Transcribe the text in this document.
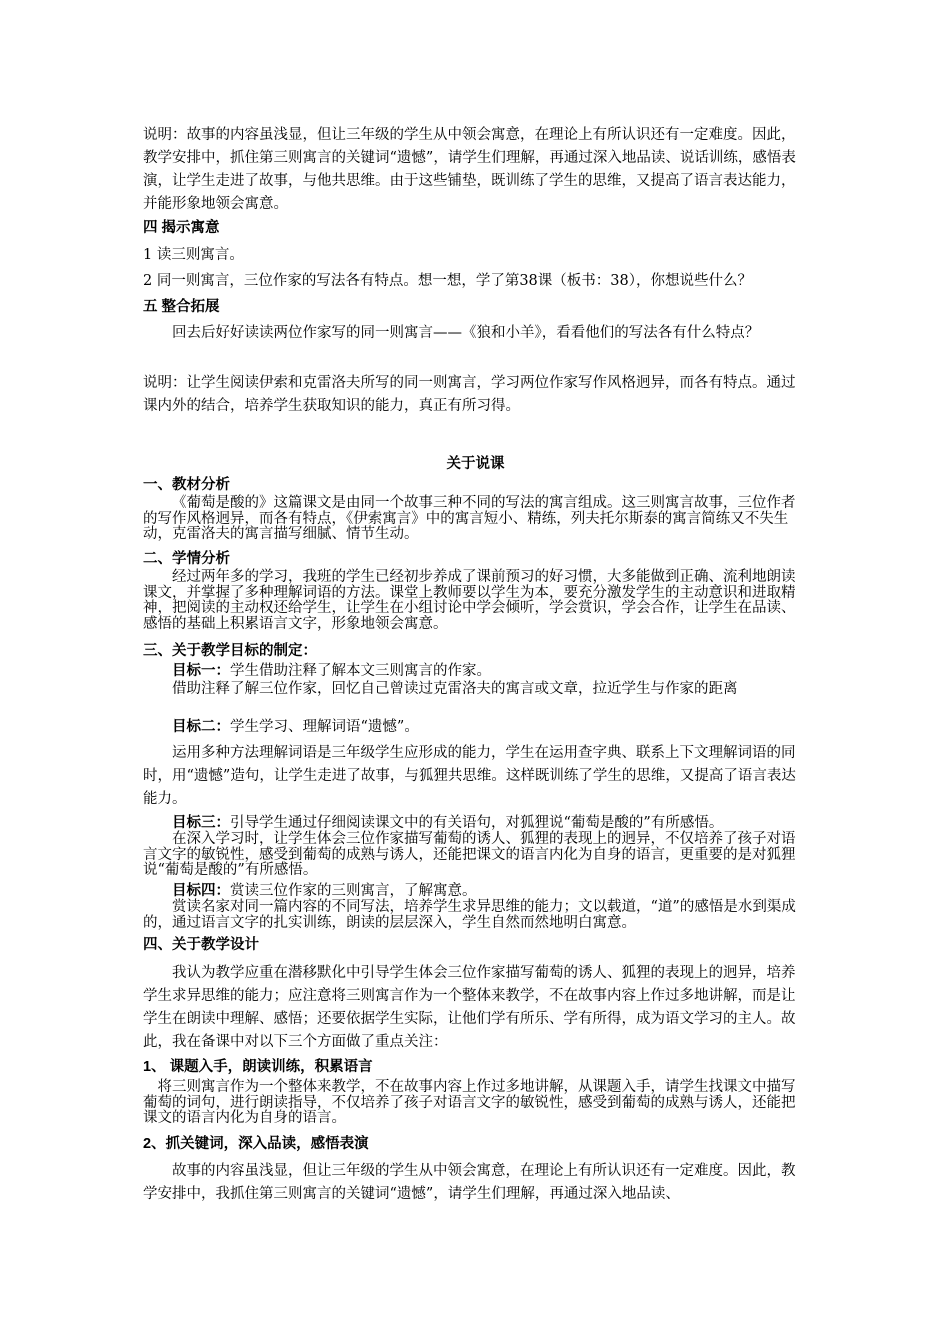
说明：故事的内容虽浅显，但让三年级的学生从中领会寓意，在理论上有所认识还有一定难度。因此，教学安排中，抓住第三则寓言的关键词“遗憾”，请学生们理解，再通过深入地品读、说话训练，感悟表演，让学生走进了故事，与他共思维。由于这些铺垫，既训练了学生的思维，又提高了语言表达能力，并能形象地领会寓意。
四 揭示寓意
1 读三则寓言。
2 同一则寓言，三位作家的写法各有特点。想一想，学了第38课（板书：38），你想说些什么？
五 整合拓展
回去后好好读读两位作家写的同一则寓言——《狼和小羊》，看看他们的写法各有什么特点？
说明：让学生阅读伊索和克雷洛夫所写的同一则寓言，学习两位作家写作风格迥异，而各有特点。通过课内外的结合，培养学生获取知识的能力，真正有所习得。
关于说课
一、教材分析
《葡萄是酸的》这篇课文是由同一个故事三种不同的写法的寓言组成。这三则寓言故事，三位作者的写作风格迥异，而各有特点，《伊索寓言》中的寓言短小、精练，列夫托尔斯泰的寓言简练又不失生动，克雷洛夫的寓言描写细腻、情节生动。
二、学情分析
经过两年多的学习，我班的学生已经初步养成了课前预习的好习惯，大多能做到正确、流利地朗读课文，并掌握了多种理解词语的方法。课堂上教师要以学生为本，要充分激发学生的主动意识和进取精神，把阅读的主动权还给学生，让学生在小组讨论中学会倾听，学会赏识，学会合作，让学生在品读、感悟的基础上积累语言文字，形象地领会寓意。
三、关于教学目标的制定：
目标一：学生借助注释了解本文三则寓言的作家。
借助注释了解三位作家，回忆自己曾读过克雷洛夫的寓言或文章，拉近学生与作家的距离
目标二：学生学习、理解词语“遗憾”。
运用多种方法理解词语是三年级学生应形成的能力，学生在运用查字典、联系上下文理解词语的同时，用“遗憾”造句，让学生走进了故事，与狐狸共思维。这样既训练了学生的思维，又提高了语言表达能力。
目标三：引导学生通过仔细阅读课文中的有关语句，对狐狸说“葡萄是酸的”有所感悟。
在深入学习时，让学生体会三位作家描写葡萄的诱人、狐狸的表现上的迥异，不仅培养了孩子对语言文字的敏锐性，感受到葡萄的成熟与诱人，还能把课文的语言内化为自身的语言，更重要的是对狐狸说“葡萄是酸的”有所感悟。
目标四：赏读三位作家的三则寓言，了解寓意。
赏读名家对同一篇内容的不同写法，培养学生求异思维的能力；文以载道，“道”的感悟是水到渠成的，通过语言文字的扎实训练，朗读的层层深入，学生自然而然地明白寓意。
四、关于教学设计
我认为教学应重在潜移默化中引导学生体会三位作家描写葡萄的诱人、狐狸的表现上的迥异，培养学生求异思维的能力；应注意将三则寓言作为一个整体来教学，不在故事内容上作过多地讲解，而是让学生在朗读中理解、感悟；还要依据学生实际，让他们学有所乐、学有所得，成为语文学习的主人。故此，我在备课中对以下三个方面做了重点关注：
1、 课题入手，朗读训练，积累语言
将三则寓言作为一个整体来教学，不在故事内容上作过多地讲解，从课题入手，请学生找课文中描写葡萄的词句，进行朗读指导，不仅培养了孩子对语言文字的敏锐性，感受到葡萄的成熟与诱人，还能把课文的语言内化为自身的语言。
2、抓关键词，深入品读，感悟表演
故事的内容虽浅显，但让三年级的学生从中领会寓意，在理论上有所认识还有一定难度。因此，教学安排中，我抓住第三则寓言的关键词“遗憾”，请学生们理解，再通过深入地品读、
